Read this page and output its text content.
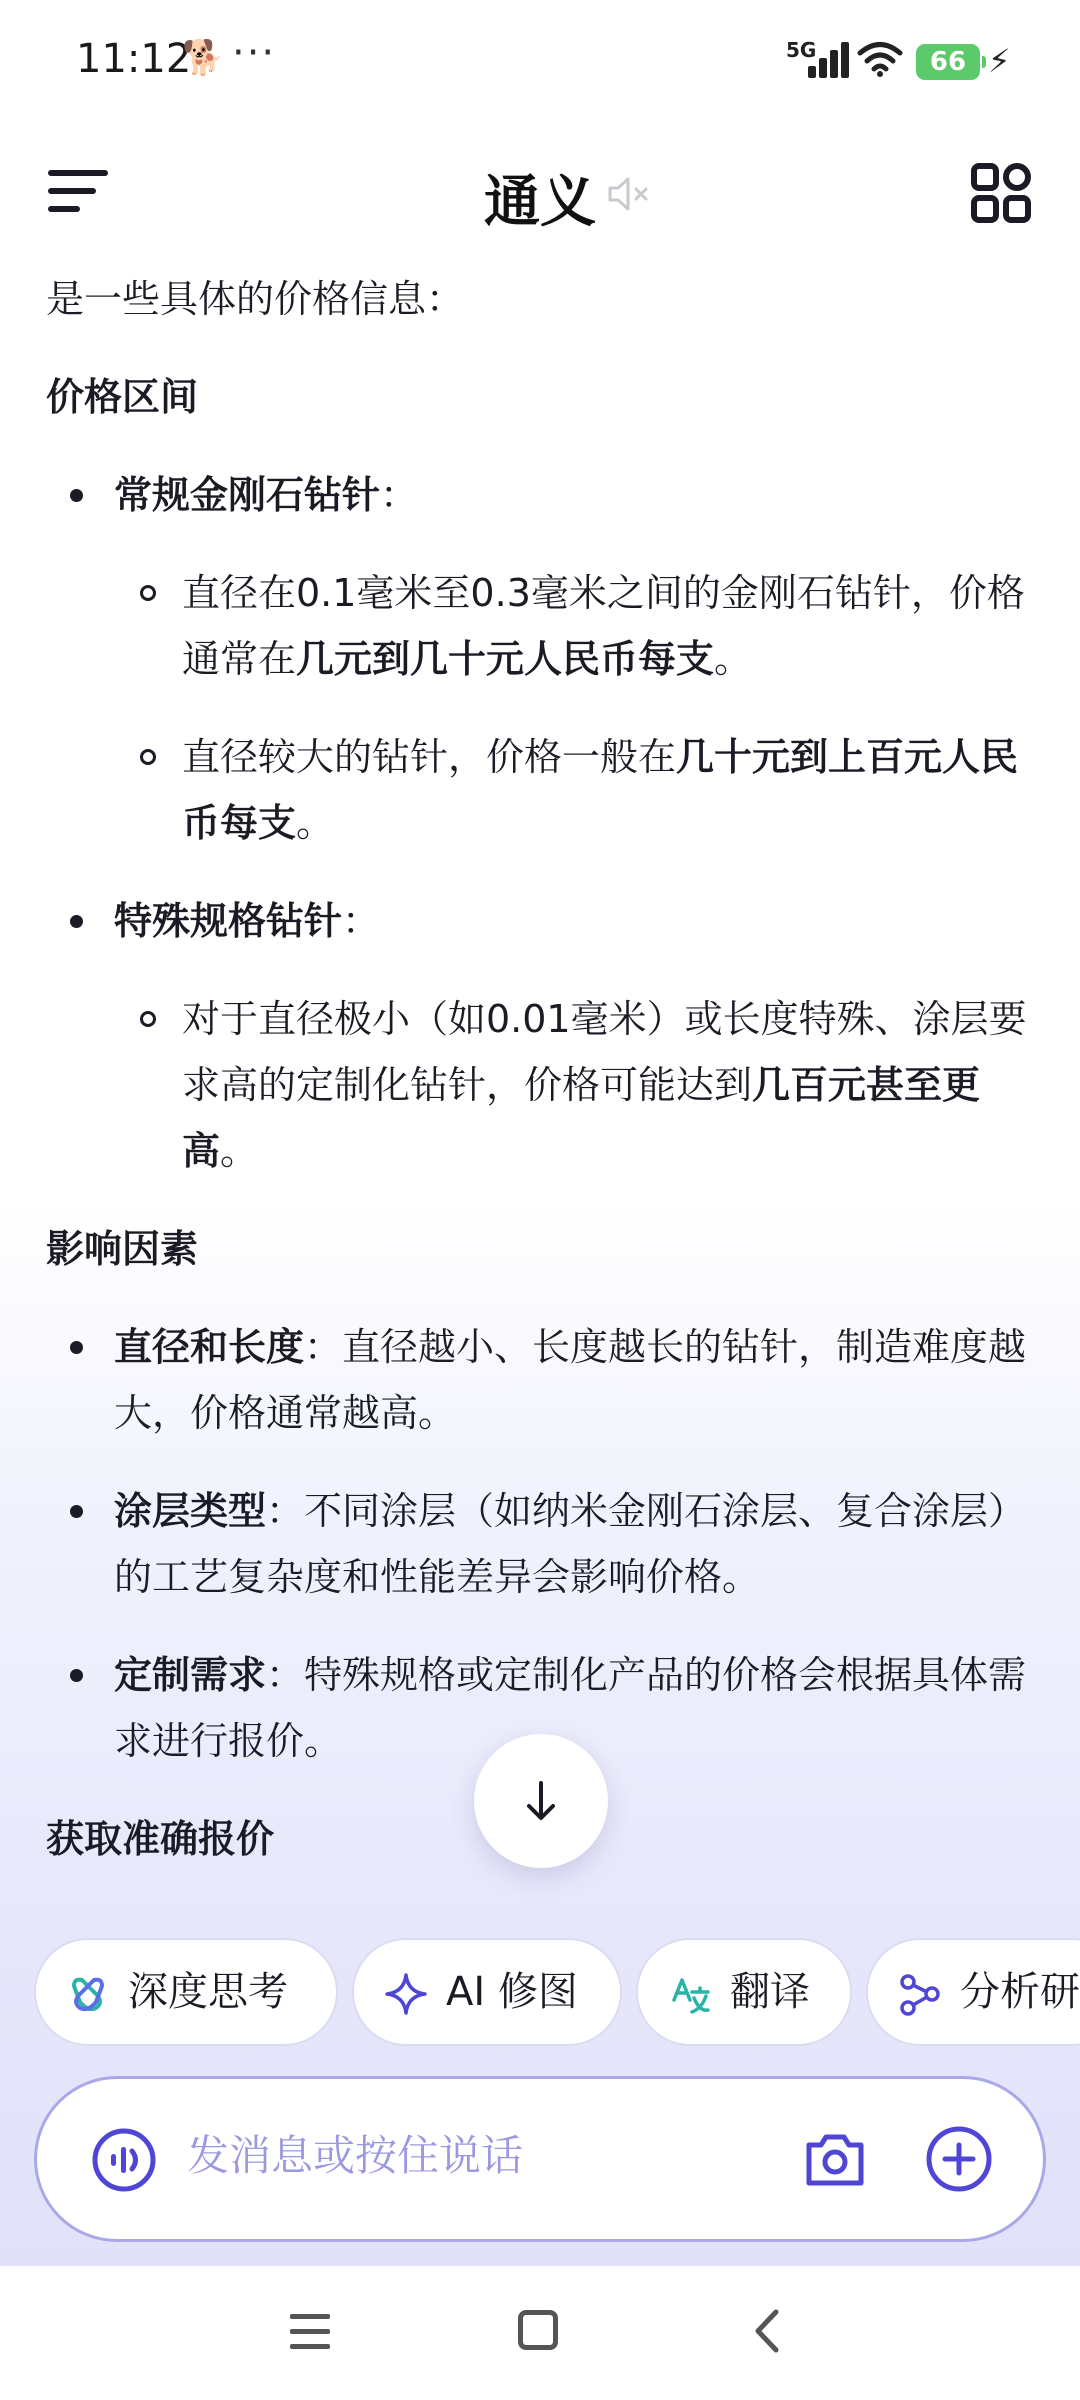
11:12
🐕 ···	5G	66 ⚡
通义
是一些具体的价格信息：
价格区间
常规金刚石钻针：
直径在0.1毫米至0.3毫米之间的金刚石钻针，价格通常在几元到几十元人民币每支。
直径较大的钻针，价格一般在几十元到上百元人民币每支。
特殊规格钻针：
对于直径极小（如0.01毫米）或长度特殊、涂层要求高的定制化钻针，价格可能达到几百元甚至更高。
影响因素
直径和长度：直径越小、长度越长的钻针，制造难度越大，价格通常越高。
涂层类型：不同涂层（如纳米金刚石涂层、复合涂层）的工艺复杂度和性能差异会影响价格。
定制需求：特殊规格或定制化产品的价格会根据具体需求进行报价。
获取准确报价
深度思考	AI 修图	翻译	分析研
发消息或按住说话
